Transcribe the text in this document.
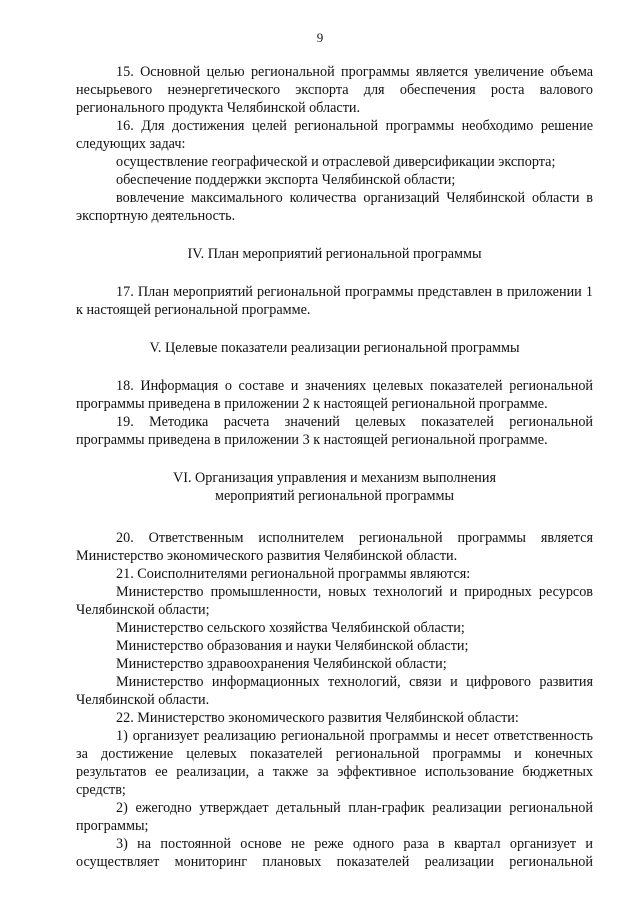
9

15. Основной целью региональной программы является увеличение объема несырьевого неэнергетического экспорта для обеспечения роста валового регионального продукта Челябинской области.

16. Для достижения целей региональной программы необходимо решение следующих задач:

осуществление географической и отраслевой диверсификации экспорта;

обеспечение поддержки экспорта Челябинской области;

вовлечение максимального количества организаций Челябинской области в экспортную деятельность.

IV. План мероприятий региональной программы

17. План мероприятий региональной программы представлен в приложении 1 к настоящей региональной программе.

V. Целевые показатели реализации региональной программы

18. Информация о составе и значениях целевых показателей региональной программы приведена в приложении 2 к настоящей региональной программе.

19. Методика расчета значений целевых показателей региональной программы приведена в приложении 3 к настоящей региональной программе.

VI. Организация управления и механизм выполнения

мероприятий региональной программы

20. Ответственным исполнителем региональной программы является Министерство экономического развития Челябинской области.

21. Соисполнителями региональной программы являются:

Министерство промышленности, новых технологий и природных ресурсов Челябинской области;

Министерство сельского хозяйства Челябинской области;

Министерство образования и науки Челябинской области;

Министерство здравоохранения Челябинской области;

Министерство информационных технологий, связи и цифрового развития Челябинской области.

22. Министерство экономического развития Челябинской области:

1) организует реализацию региональной программы и несет ответственность за достижение целевых показателей региональной программы и конечных результатов ее реализации, а также за эффективное использование бюджетных средств;

2) ежегодно утверждает детальный план-график реализации региональной программы;

3) на постоянной основе не реже одного раза в квартал организует и осуществляет мониторинг плановых показателей реализации региональной
